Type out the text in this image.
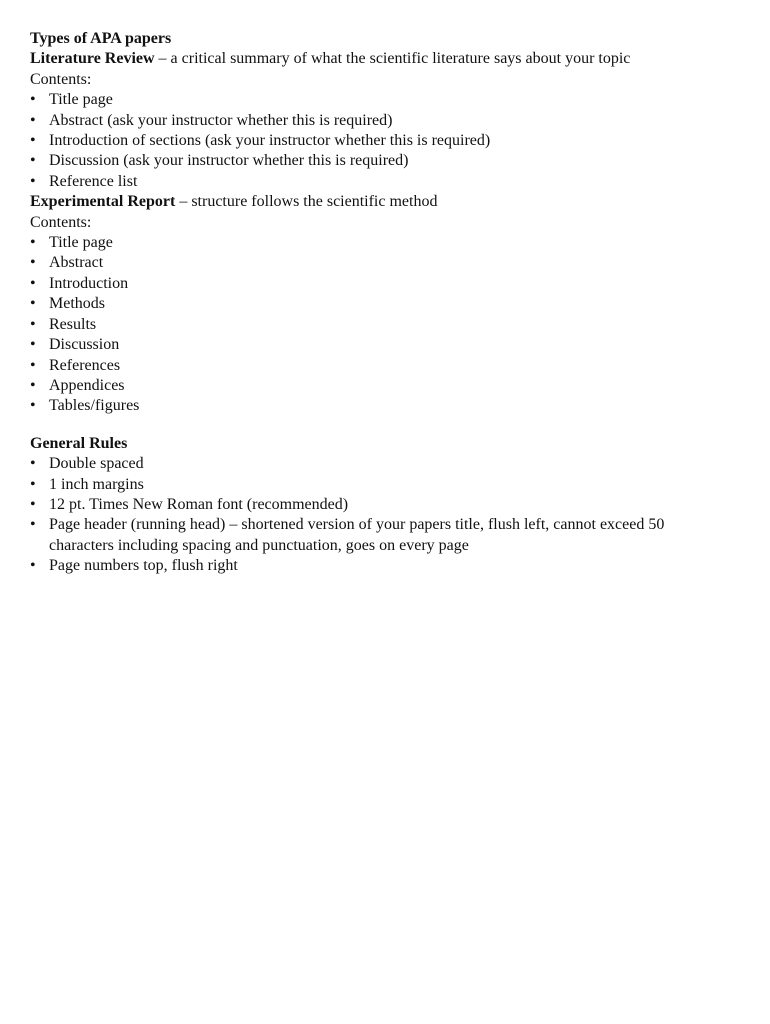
Types of APA papers

Literature Review – a critical summary of what the scientific literature says about your topic

Contents:

• Title page
• Abstract (ask your instructor whether this is required)
• Introduction of sections (ask your instructor whether this is required)
• Discussion (ask your instructor whether this is required)
• Reference list

Experimental Report – structure follows the scientific method

Contents:

• Title page
• Abstract
• Introduction
• Methods
• Results
• Discussion
• References
• Appendices
• Tables/figures

General Rules

• Double spaced
• 1 inch margins
• 12 pt. Times New Roman font (recommended)
• Page header (running head) – shortened version of your papers title, flush left, cannot exceed 50 characters including spacing and punctuation, goes on every page
• Page numbers top, flush right
